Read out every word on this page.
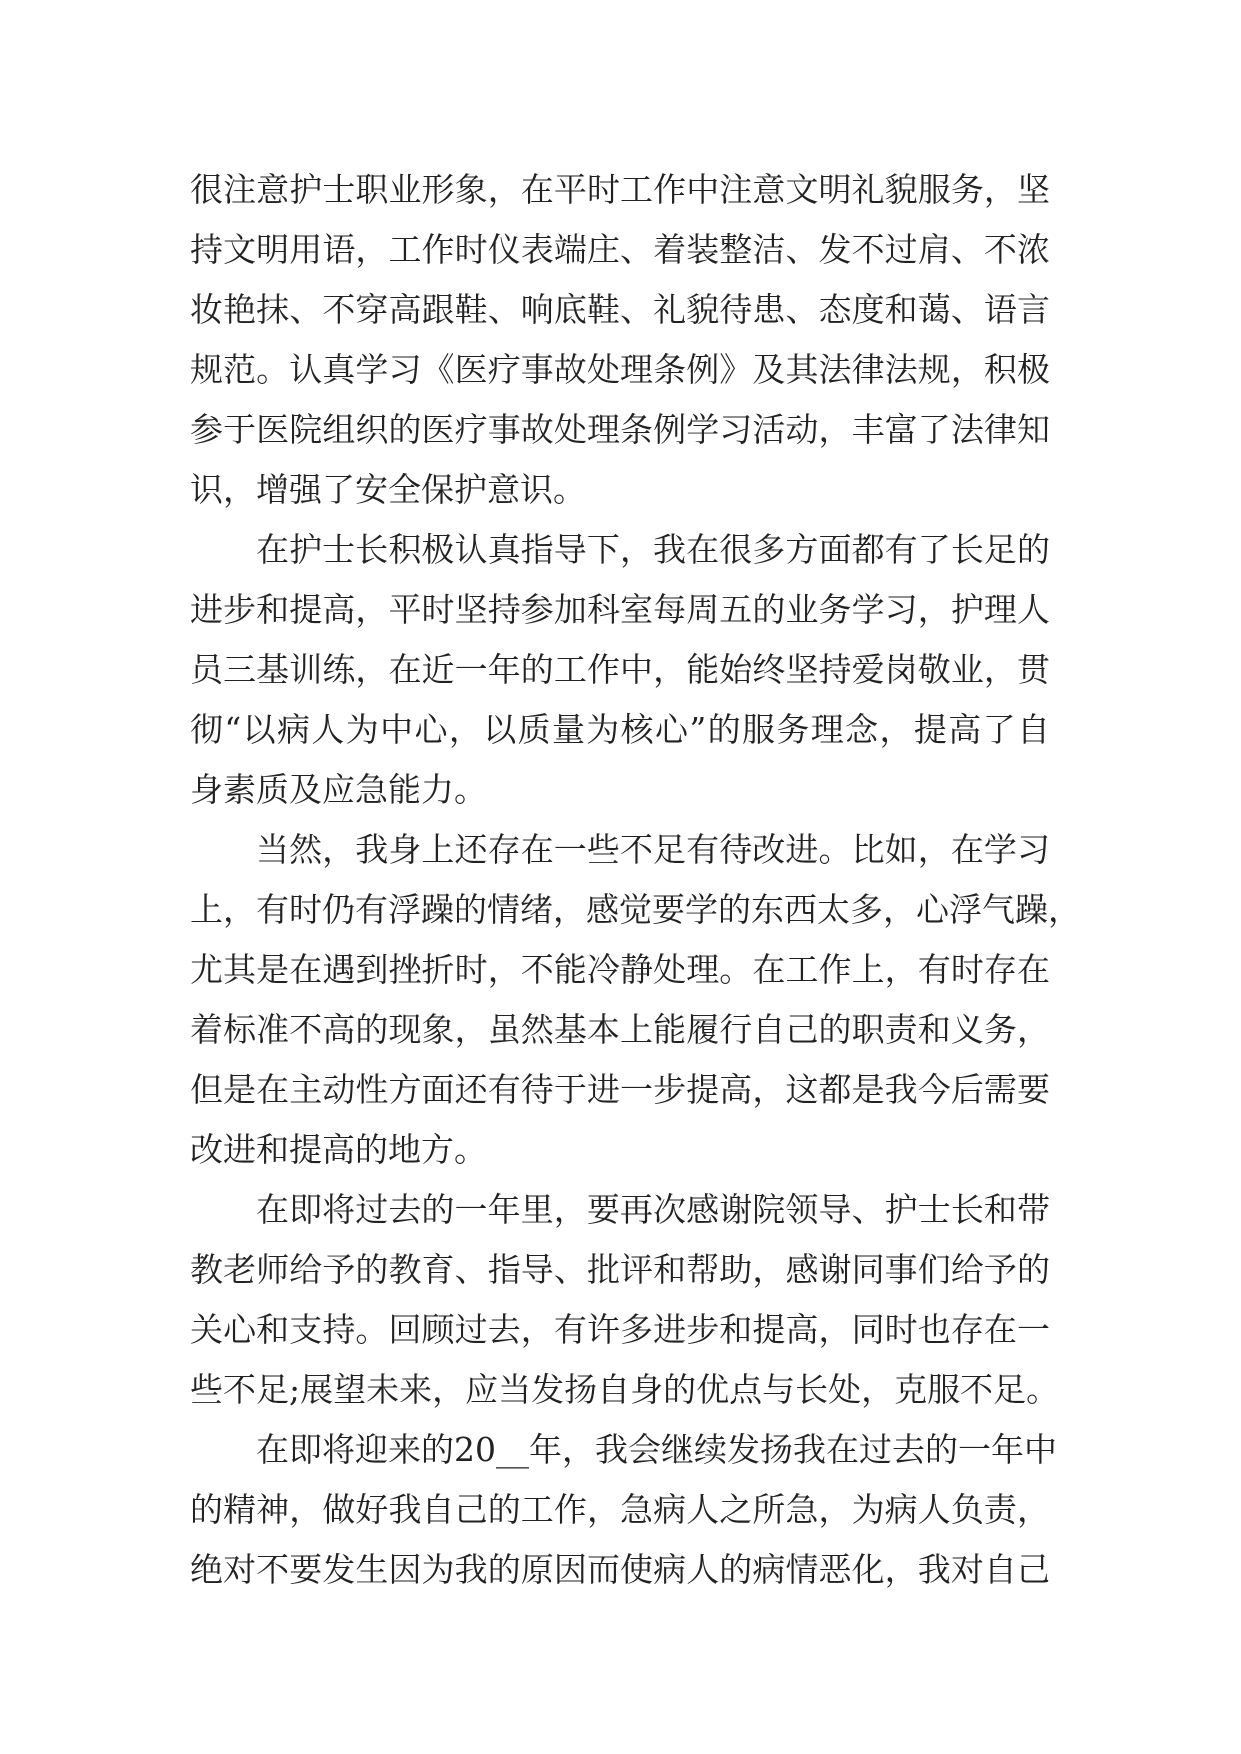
很注意护士职业形象，在平时工作中注意文明礼貌服务，坚
持文明用语，工作时仪表端庄、着装整洁、发不过肩、不浓
妆艳抹、不穿高跟鞋、响底鞋、礼貌待患、态度和蔼、语言
规范。认真学习《医疗事故处理条例》及其法律法规，积极
参于医院组织的医疗事故处理条例学习活动，丰富了法律知
识，增强了安全保护意识。
在护士长积极认真指导下，我在很多方面都有了长足的
进步和提高，平时坚持参加科室每周五的业务学习，护理人
员三基训练，在近一年的工作中，能始终坚持爱岗敬业，贯
彻“以病人为中心，以质量为核心”的服务理念，提高了自
身素质及应急能力。
当然，我身上还存在一些不足有待改进。比如，在学习
上，有时仍有浮躁的情绪，感觉要学的东西太多，心浮气躁，
尤其是在遇到挫折时，不能冷静处理。在工作上，有时存在
着标准不高的现象，虽然基本上能履行自己的职责和义务，
但是在主动性方面还有待于进一步提高，这都是我今后需要
改进和提高的地方。
在即将过去的一年里，要再次感谢院领导、护士长和带
教老师给予的教育、指导、批评和帮助，感谢同事们给予的
关心和支持。回顾过去，有许多进步和提高，同时也存在一
些不足;展望未来，应当发扬自身的优点与长处，克服不足。
在即将迎来的20__年，我会继续发扬我在过去的一年中
的精神，做好我自己的工作，急病人之所急，为病人负责，
绝对不要发生因为我的原因而使病人的病情恶化，我对自己
